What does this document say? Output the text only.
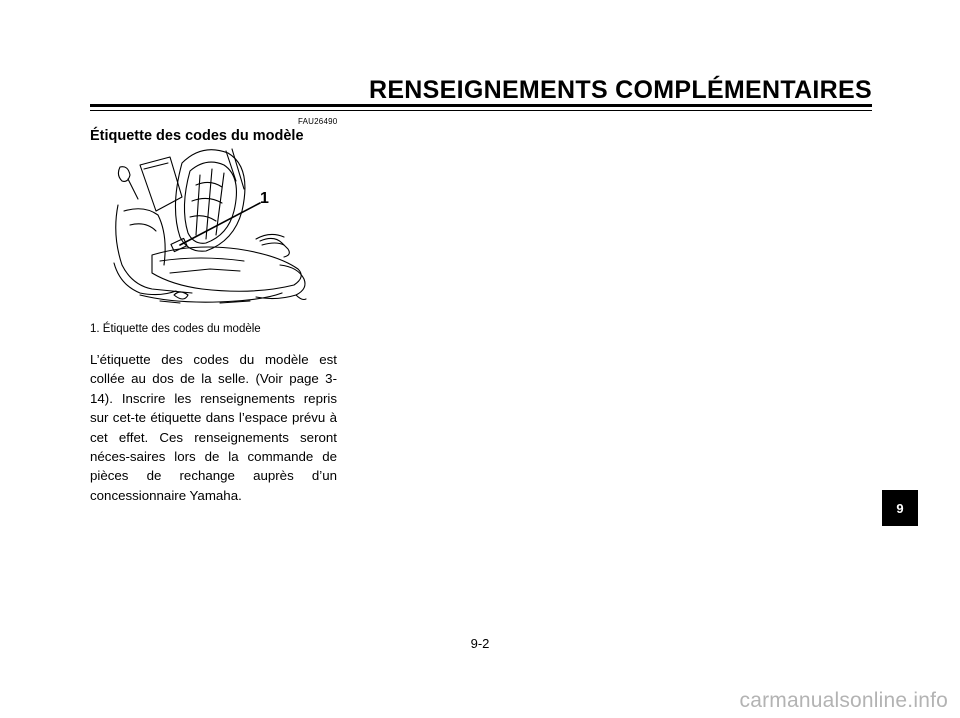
RENSEIGNEMENTS COMPLÉMENTAIRES
FAU26490
Étiquette des codes du modèle
1
1. Étiquette des codes du modèle
L’étiquette des codes du modèle est collée au dos de la selle. (Voir page 3-14). Inscrire les renseignements repris sur cet-te étiquette dans l’espace prévu à cet effet. Ces renseignements seront néces-saires lors de la commande de pièces de rechange auprès d’un concessionnaire Yamaha.
9
9-2
carmanualsonline.info
